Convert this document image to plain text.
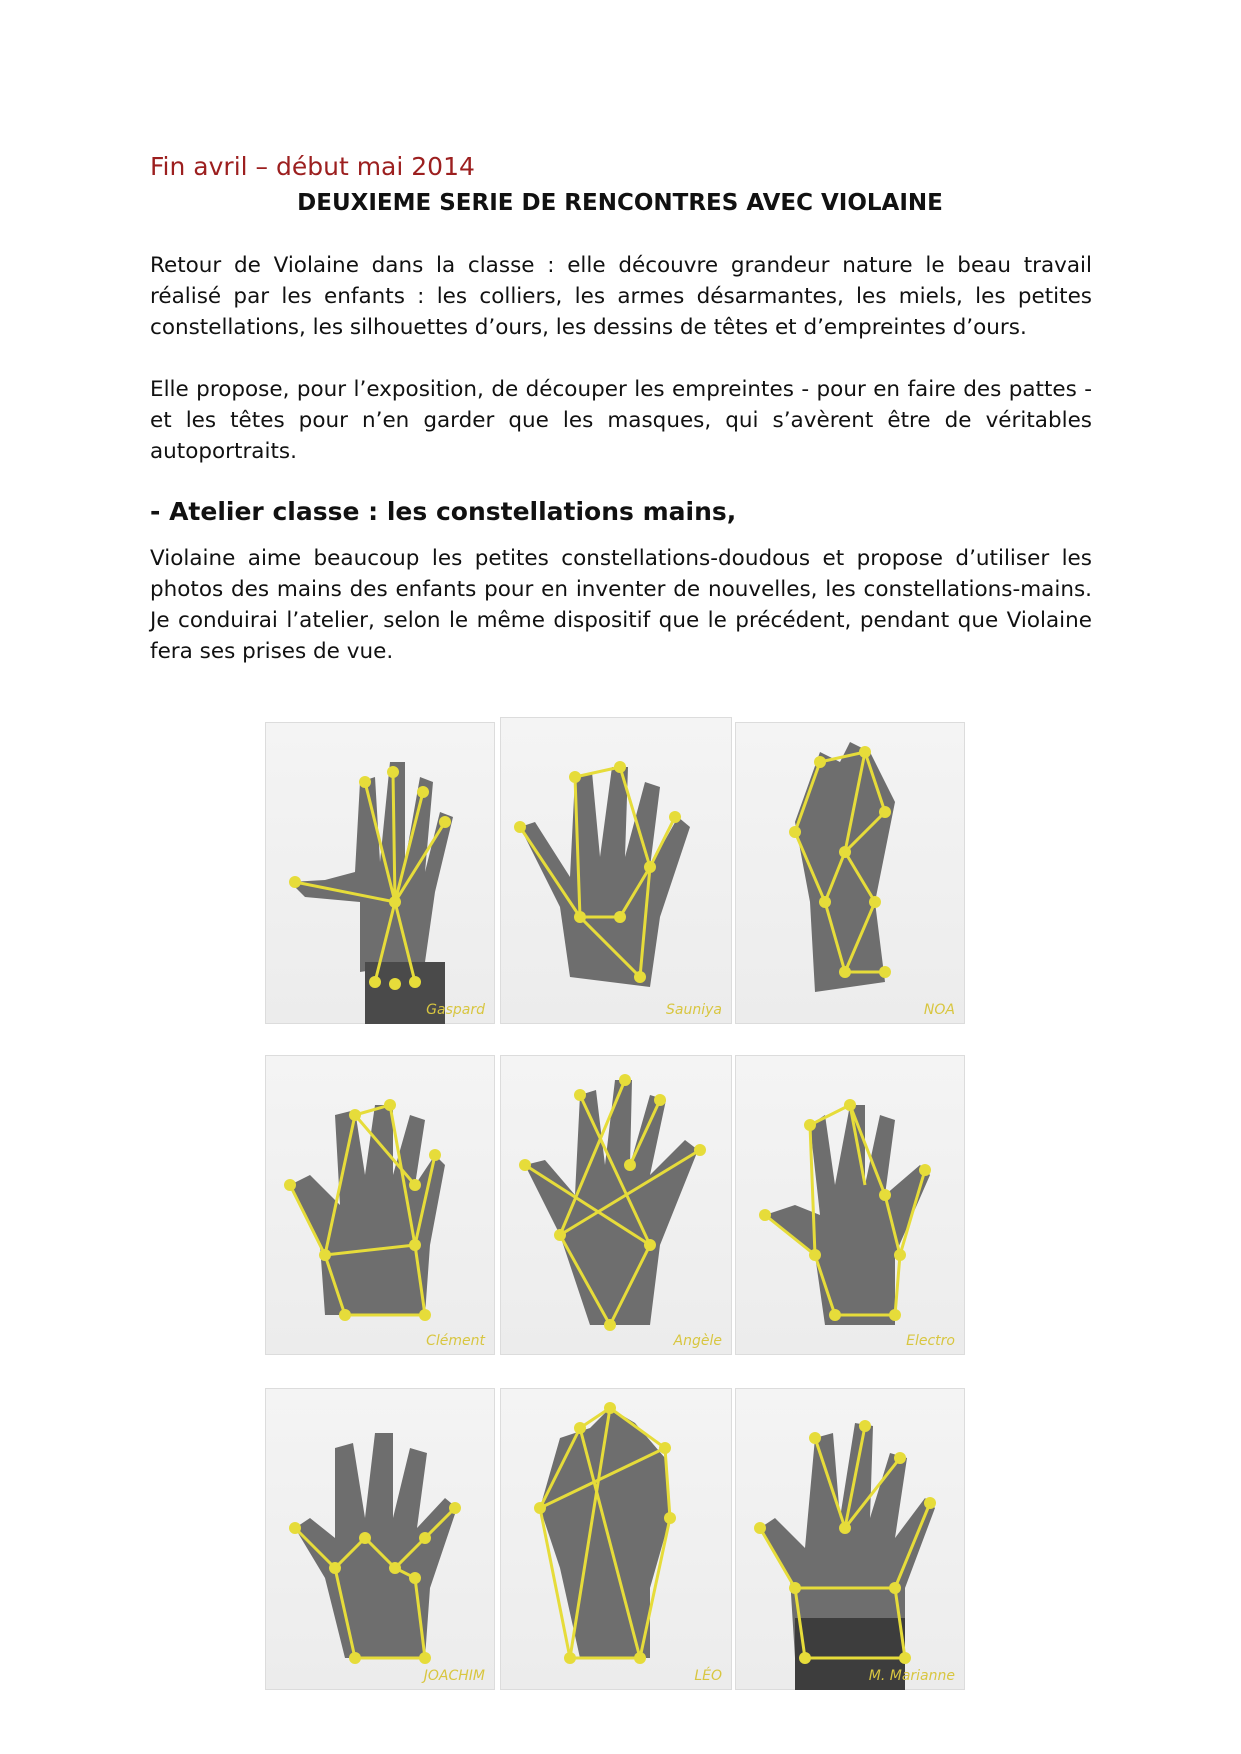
Fin avril – début mai 2014
DEUXIEME SERIE DE RENCONTRES AVEC VIOLAINE

Retour de Violaine dans la classe : elle découvre grandeur nature le beau travail réalisé par les enfants : les colliers, les armes désarmantes, les miels, les petites constellations, les silhouettes d’ours, les dessins de têtes et d’empreintes d’ours.

Elle propose, pour l’exposition, de découper les empreintes - pour en faire des pattes - et les têtes pour n’en garder que les masques, qui s’avèrent être de véritables autoportraits.

- Atelier classe : les constellations mains,

Violaine aime beaucoup les petites constellations-doudous et propose d’utiliser les photos des mains des enfants pour en inventer de nouvelles, les constellations-mains. Je conduirai l’atelier, selon le même dispositif que le précédent, pendant que Violaine fera ses prises de vue.

Gaspard	Sauniya	NOA
Clément	Angèle	Electro
JOACHIM	LÉO	M. Marianne
